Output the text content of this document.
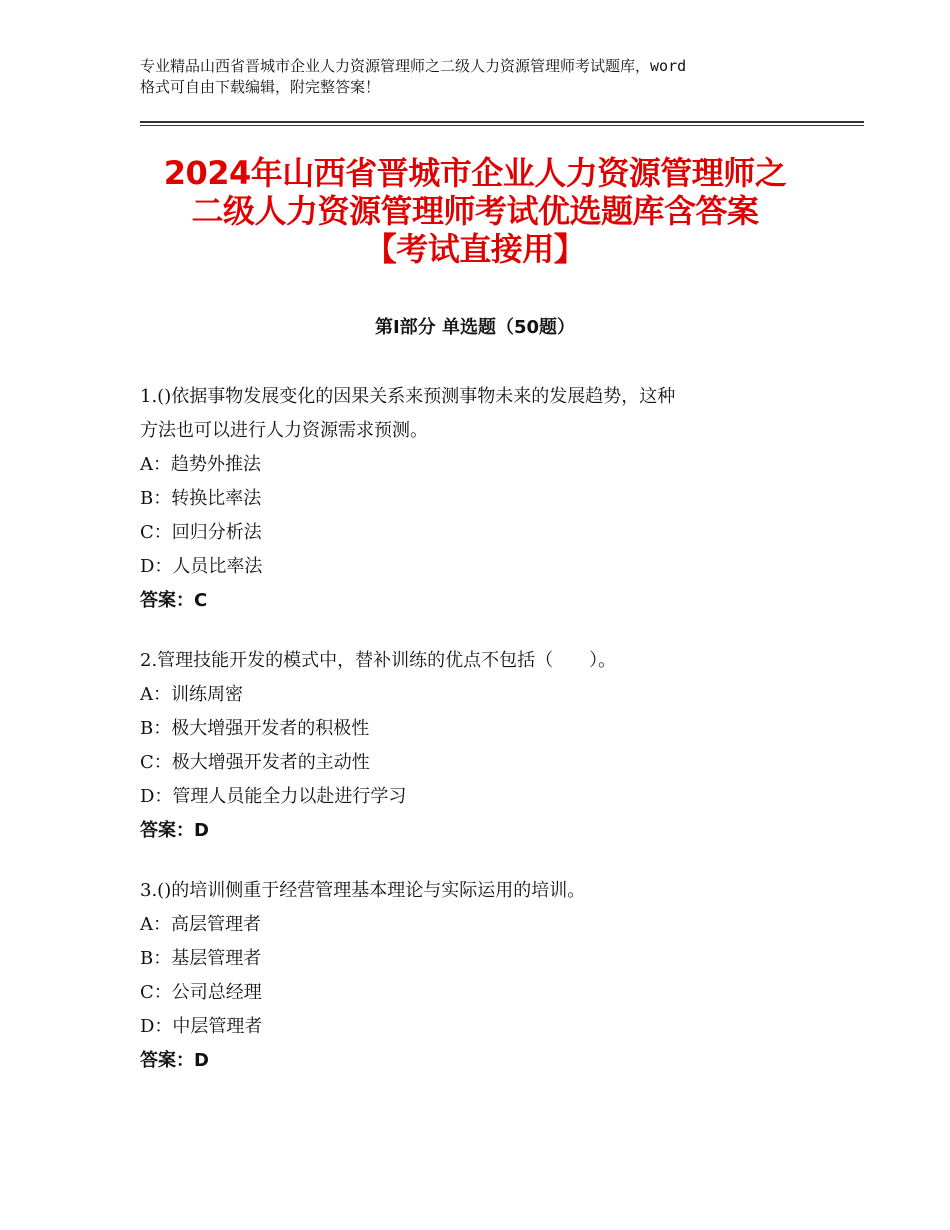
专业精品山西省晋城市企业人力资源管理师之二级人力资源管理师考试题库，word
格式可自由下载编辑，附完整答案！
2024年山西省晋城市企业人力资源管理师之
二级人力资源管理师考试优选题库含答案
【考试直接用】
第Ⅰ部分 单选题（50题）
1.()依据事物发展变化的因果关系来预测事物未来的发展趋势，这种
方法也可以进行人力资源需求预测。
A：趋势外推法
B：转换比率法
C：回归分析法
D：人员比率法
答案：C
2.管理技能开发的模式中，替补训练的优点不包括（　　）。
A：训练周密
B：极大增强开发者的积极性
C：极大增强开发者的主动性
D：管理人员能全力以赴进行学习
答案：D
3.()的培训侧重于经营管理基本理论与实际运用的培训。
A：高层管理者
B：基层管理者
C：公司总经理
D：中层管理者
答案：D
